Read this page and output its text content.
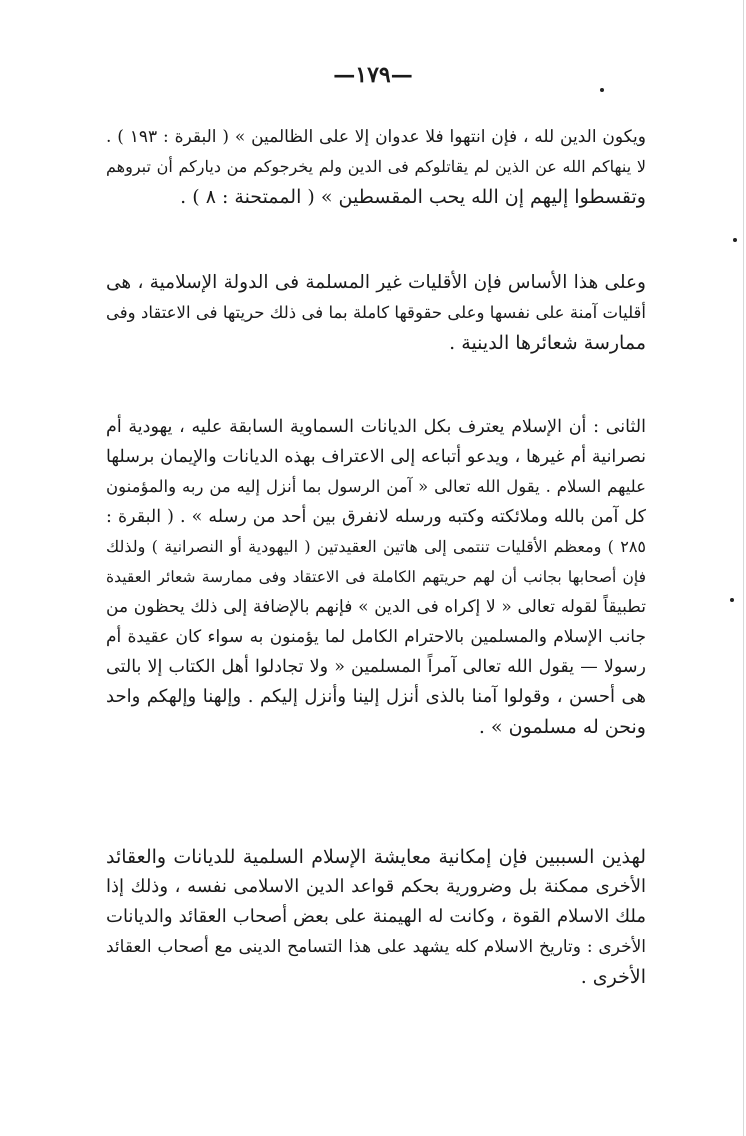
—١٧٩—
ويكون الدين لله ، فإن انتهوا فلا عدوان إلا على الظالمين » ( البقرة : ١٩٣ ) .
لا ينهاكم الله عن الذين لم يقاتلوكم فى الدين ولم يخرجوكم من دياركم أن تبروهم
وتقسطوا إليهم إن الله يحب المقسطين » ( الممتحنة : ٨ ) .
وعلى هذا الأساس فإن الأقليات غير المسلمة فى الدولة الإسلامية ، هى
أقليات آمنة على نفسها وعلى حقوقها كاملة بما فى ذلك حريتها فى الاعتقاد وفى
ممارسة شعائرها الدينية .
الثانى : أن الإسلام يعترف بكل الديانات السماوية السابقة عليه ، يهودية أم
نصرانية أم غيرها ، ويدعو أتباعه إلى الاعتراف بهذه الديانات والإيمان برسلها
عليهم السلام . يقول الله تعالى « آمن الرسول بما أنزل إليه من ربه والمؤمنون
كل آمن بالله وملائكته وكتبه ورسله لانفرق بين أحد من رسله » . ( البقرة :
٢٨٥ ) ومعظم الأقليات تنتمى إلى هاتين العقيدتين ( اليهودية أو النصرانية ) ولذلك
فإن أصحابها بجانب أن لهم حريتهم الكاملة فى الاعتقاد وفى ممارسة شعائر العقيدة
تطبيقاً لقوله تعالى « لا إكراه فى الدين » فإنهم بالإضافة إلى ذلك يحظون من
جانب الإسلام والمسلمين بالاحترام الكامل لما يؤمنون به سواء كان عقيدة أم
رسولا — يقول الله تعالى آمراً المسلمين « ولا تجادلوا أهل الكتاب إلا بالتى
هى أحسن ، وقولوا آمنا بالذى أنزل إلينا وأنزل إليكم . وإلهنا وإلهكم واحد
ونحن له مسلمون » .
لهذين السببين فإن إمكانية معايشة الإسلام السلمية للديانات والعقائد
الأخرى ممكنة بل وضرورية بحكم قواعد الدين الاسلامى نفسه ، وذلك إذا
ملك الاسلام القوة ، وكانت له الهيمنة على بعض أصحاب العقائد والديانات
الأخرى : وتاريخ الاسلام كله يشهد على هذا التسامح الدينى مع أصحاب العقائد
الأخرى .
